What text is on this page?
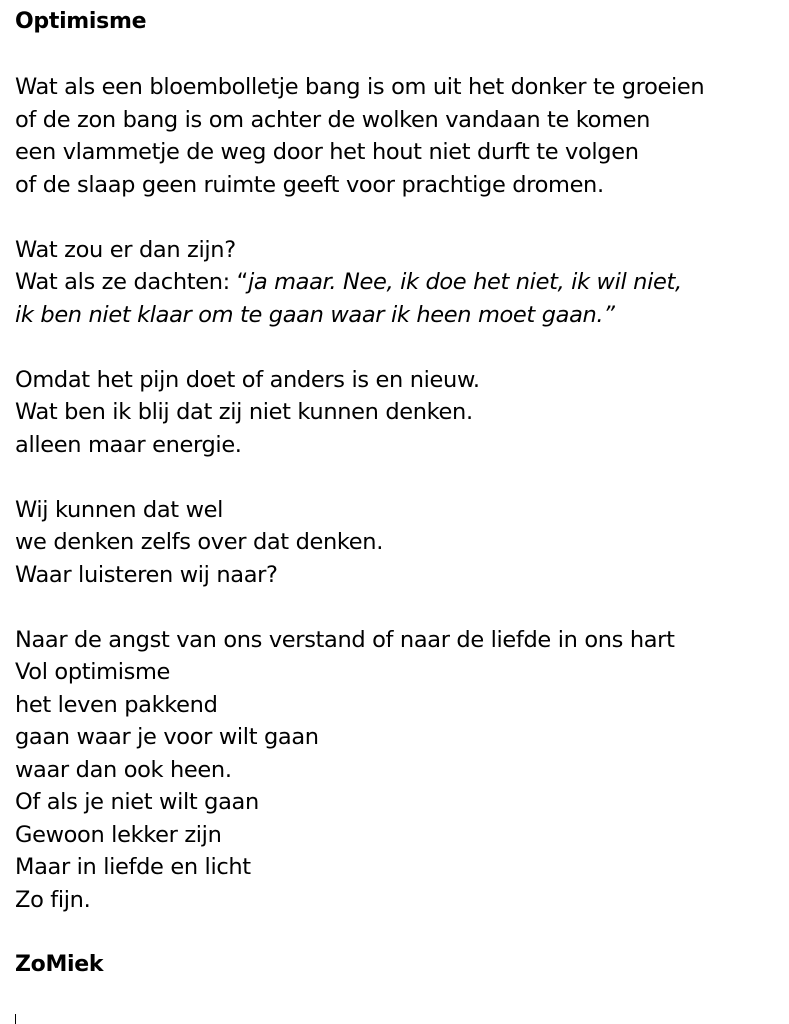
Optimisme
Wat als een bloembolletje bang is om uit het donker te groeien
of de zon bang is om achter de wolken vandaan te komen
een vlammetje de weg door het hout niet durft te volgen
of de slaap geen ruimte geeft voor prachtige dromen.
Wat zou er dan zijn?
Wat als ze dachten: “ja maar. Nee, ik doe het niet, ik wil niet,
ik ben niet klaar om te gaan waar ik heen moet gaan.”
Omdat het pijn doet of anders is en nieuw.
Wat ben ik blij dat zij niet kunnen denken.
alleen maar energie.
Wij kunnen dat wel
we denken zelfs over dat denken.
Waar luisteren wij naar?
Naar de angst van ons verstand of naar de liefde in ons hart
Vol optimisme
het leven pakkend
gaan waar je voor wilt gaan
waar dan ook heen.
Of als je niet wilt gaan
Gewoon lekker zijn
Maar in liefde en licht
Zo fijn.
ZoMiek
